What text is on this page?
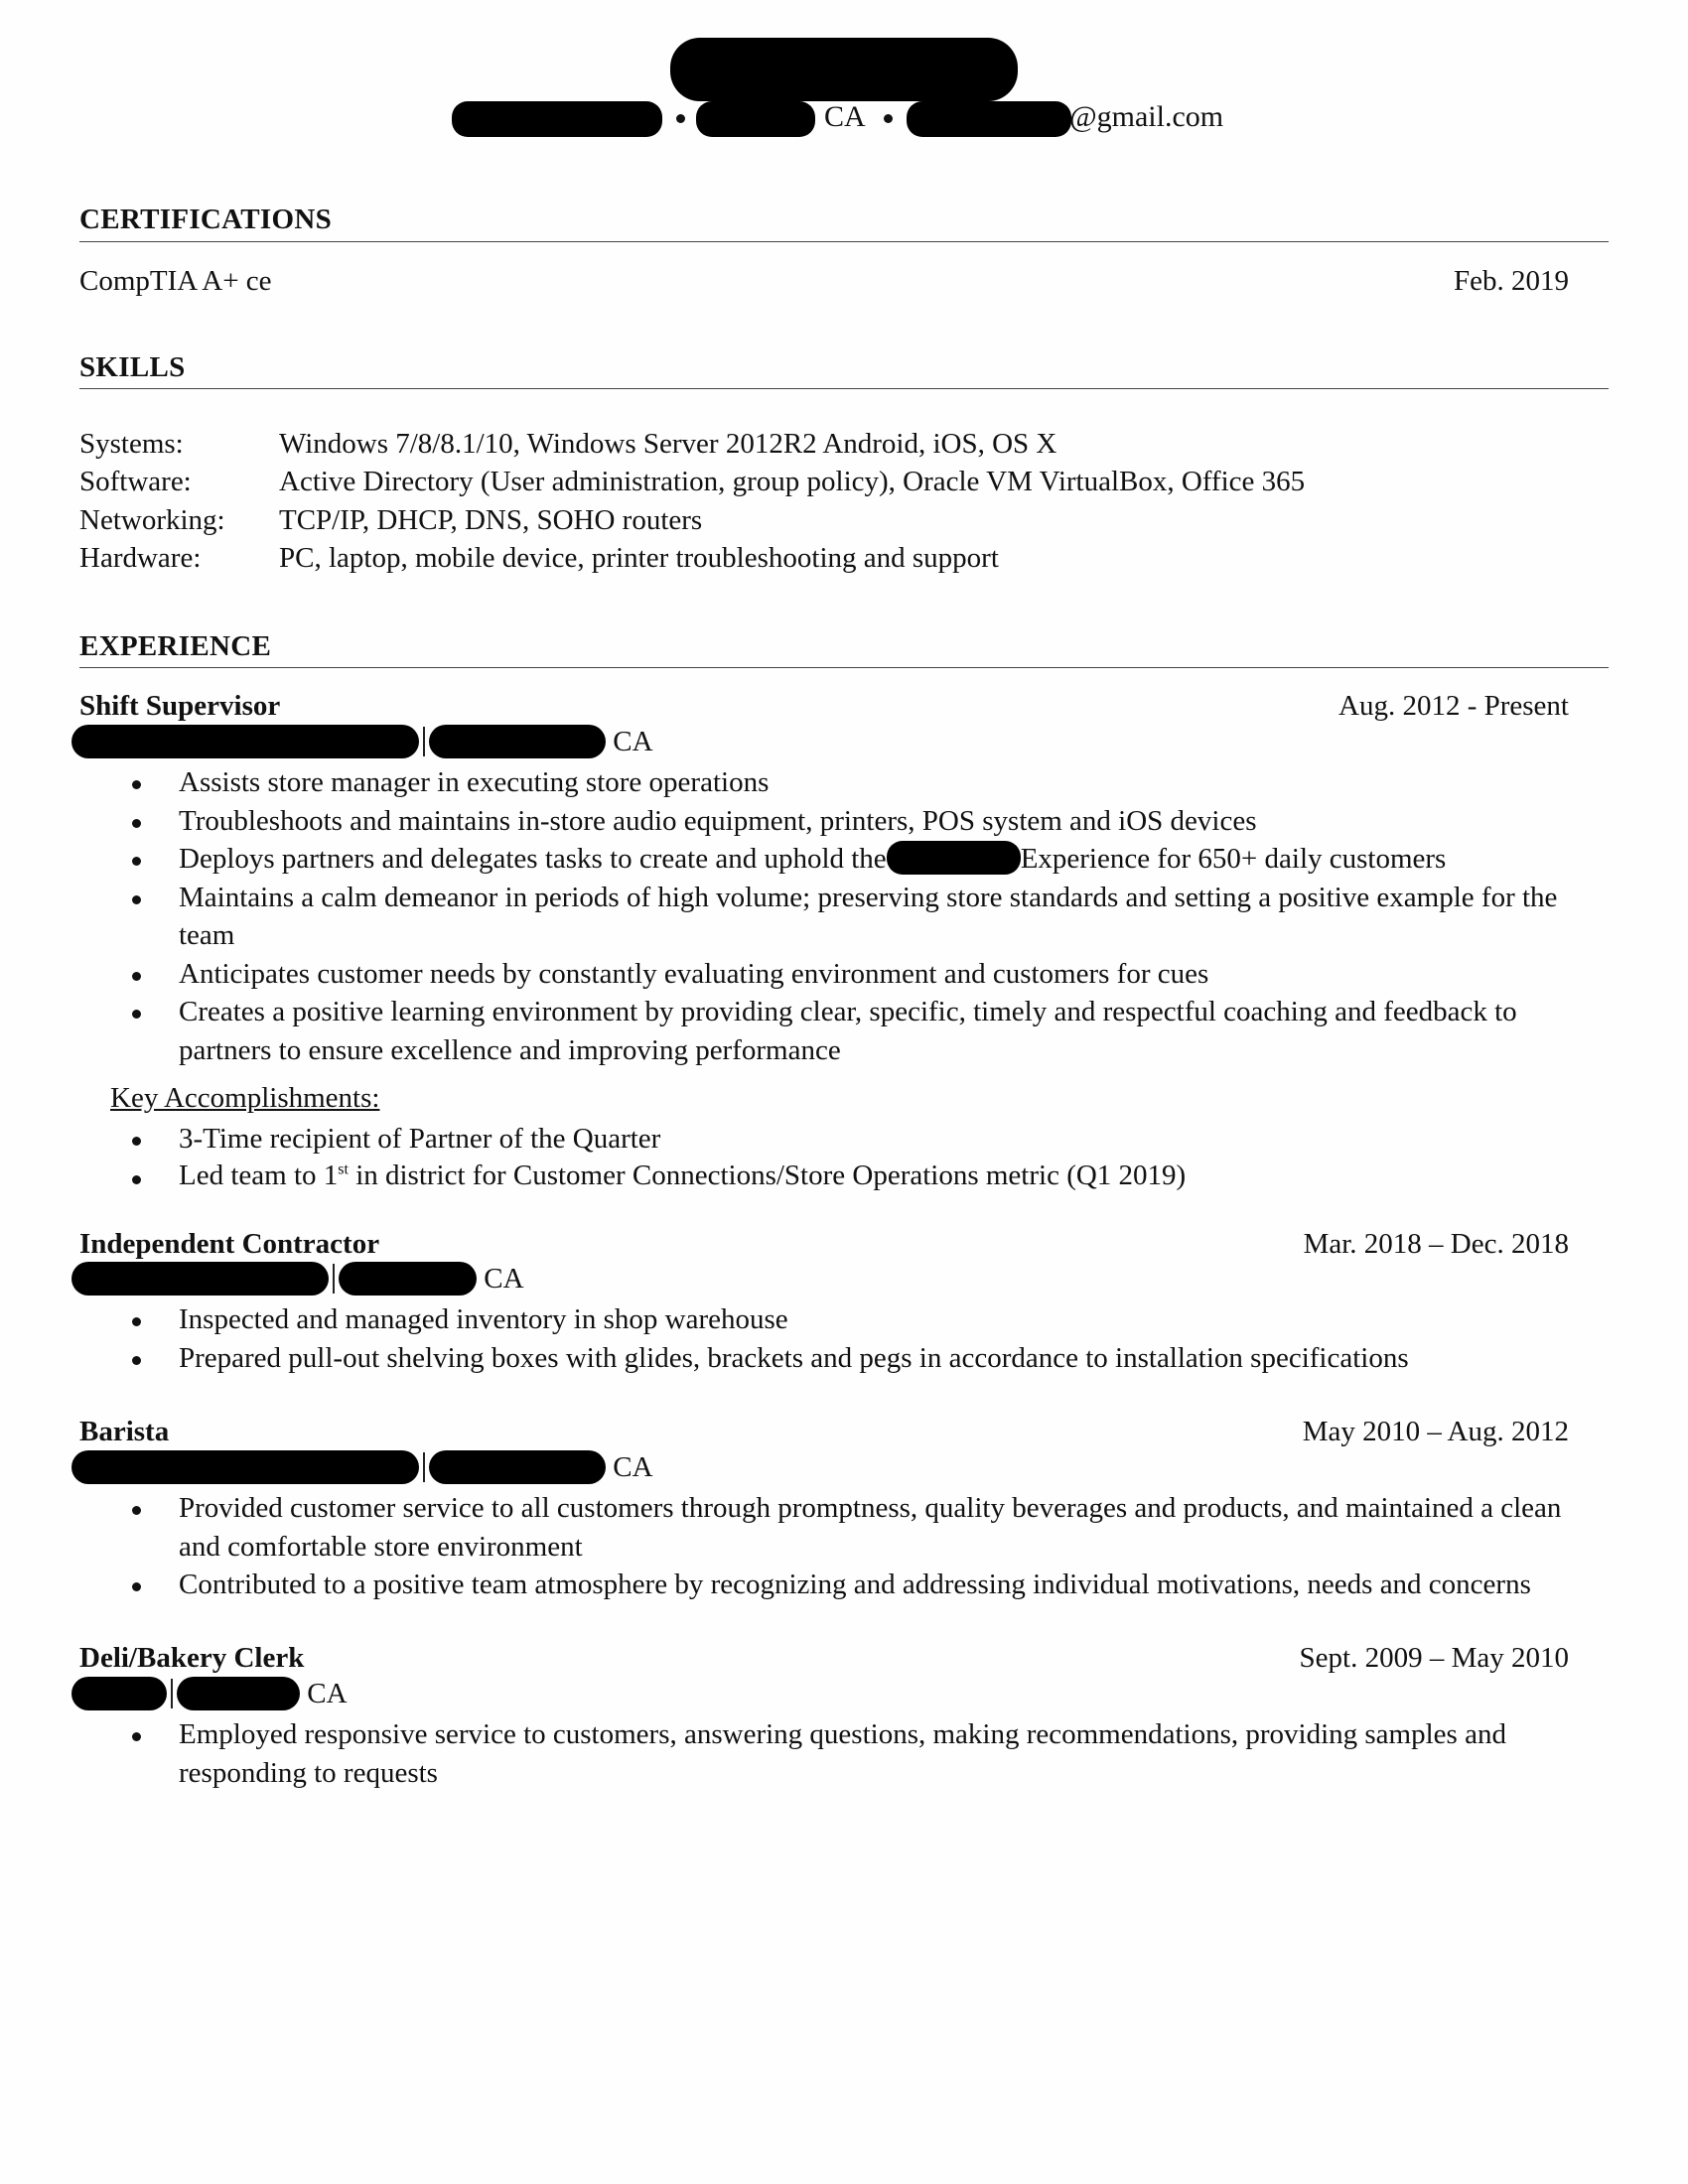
CA	@gmail.com
CERTIFICATIONS
CompTIA A+ ce	Feb. 2019
SKILLS
Systems:	Windows 7/8/8.1/10, Windows Server 2012R2 Android, iOS, OS X
Software:	Active Directory (User administration, group policy), Oracle VM VirtualBox, Office 365
Networking: TCP/IP, DHCP, DNS, SOHO routers
Hardware:	PC, laptop, mobile device, printer troubleshooting and support
EXPERIENCE
Shift Supervisor	Aug. 2012 - Present
CA
Assists store manager in executing store operations
Troubleshoots and maintains in-store audio equipment, printers, POS system and iOS devices
Deploys partners and delegates tasks to create and uphold the	Experience for 650+ daily customers
Maintains a calm demeanor in periods of high volume; preserving store standards and setting a positive example for the team
Anticipates customer needs by constantly evaluating environment and customers for cues
Creates a positive learning environment by providing clear, specific, timely and respectful coaching and feedback to partners to ensure excellence and improving performance
Key Accomplishments:
3-Time recipient of Partner of the Quarter
Led team to 1st in district for Customer Connections/Store Operations metric (Q1 2019)
Independent Contractor	Mar. 2018 – Dec. 2018
CA
Inspected and managed inventory in shop warehouse
Prepared pull-out shelving boxes with glides, brackets and pegs in accordance to installation specifications
Barista	May 2010 – Aug. 2012
CA
Provided customer service to all customers through promptness, quality beverages and products, and maintained a clean and comfortable store environment
Contributed to a positive team atmosphere by recognizing and addressing individual motivations, needs and concerns
Deli/Bakery Clerk	Sept. 2009 – May 2010
CA
Employed responsive service to customers, answering questions, making recommendations, providing samples and responding to requests
